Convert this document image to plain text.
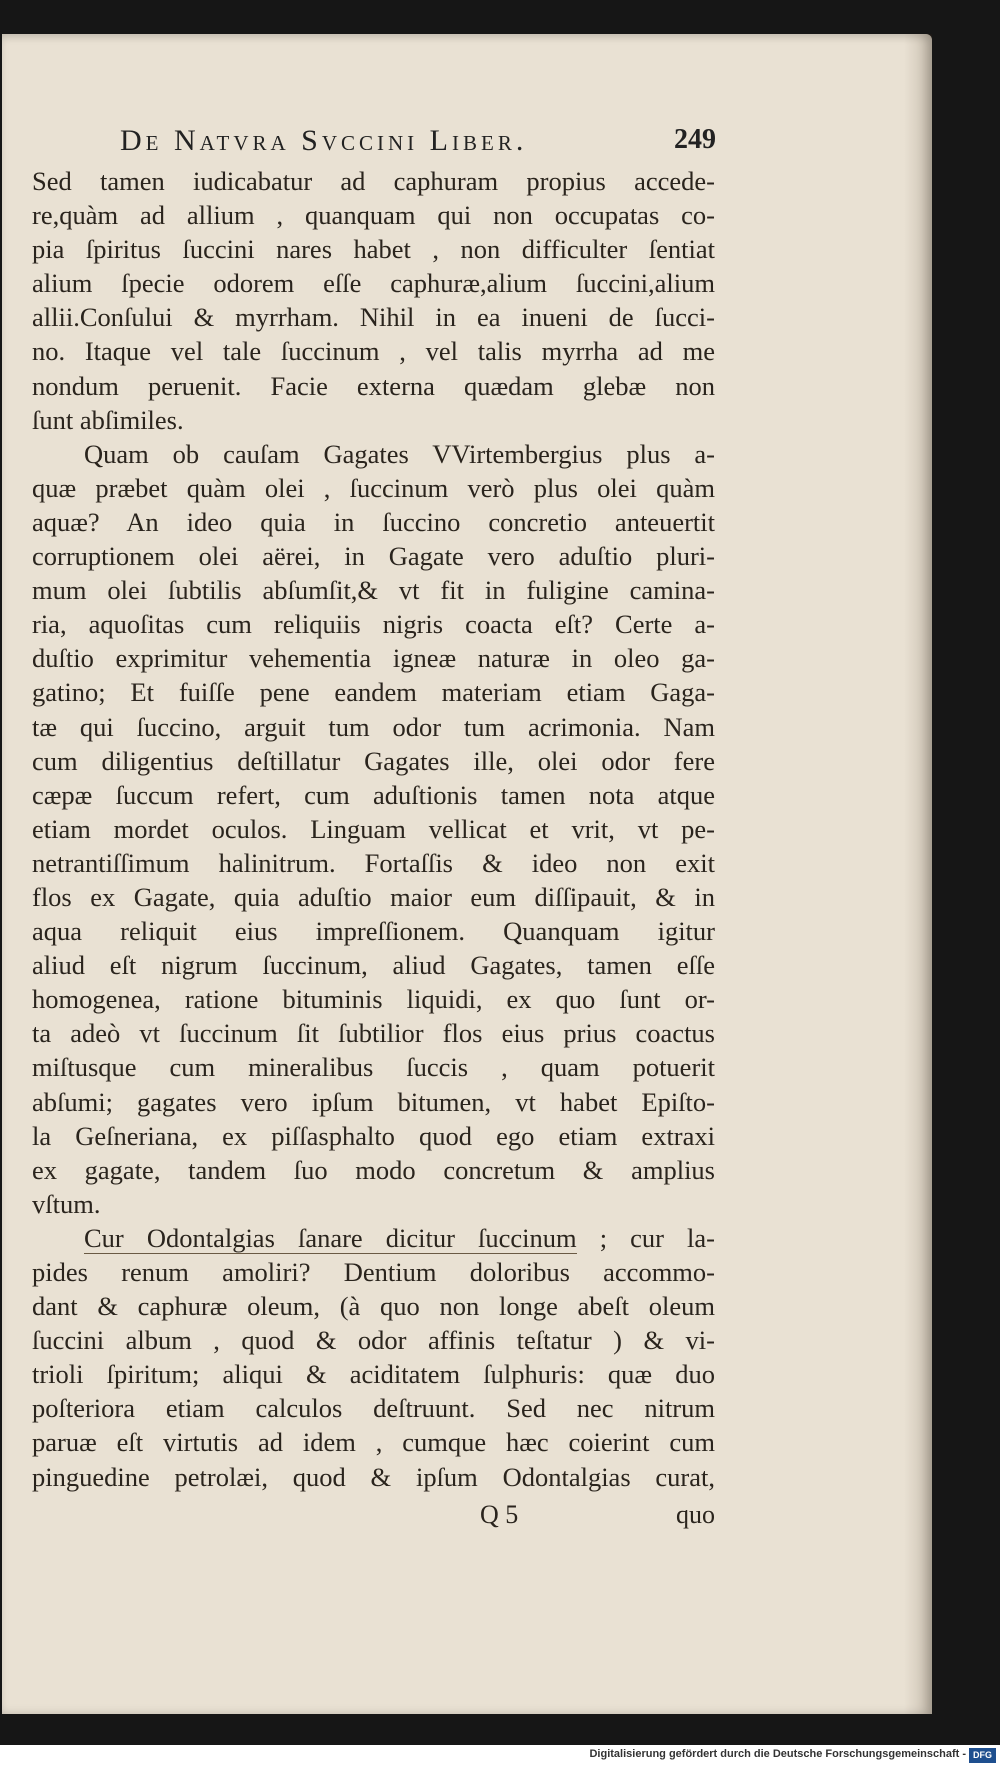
De Natvra Svccini Liber.	249
Sed tamen iudicabatur ad caphuram propius accede-
re,quàm ad allium , quanquam qui non occupatas co-
pia ſpiritus ſuccini nares habet , non difficulter ſentiat
alium ſpecie odorem eſſe caphuræ,alium ſuccini,alium
allii.Conſului & myrrham. Nihil in ea inueni de ſucci-
no. Itaque vel tale ſuccinum , vel talis myrrha ad me
nondum peruenit. Facie externa quædam glebæ non
ſunt abſimiles.
Quam ob cauſam Gagates VVirtembergius plus a-
quæ præbet quàm olei , ſuccinum verò plus olei quàm
aquæ? An ideo quia in ſuccino concretio anteuertit
corruptionem olei aërei, in Gagate vero aduſtio pluri-
mum olei ſubtilis abſumſit,& vt fit in fuligine camina-
ria, aquoſitas cum reliquiis nigris coacta eſt? Certe a-
duſtio exprimitur vehementia igneæ naturæ in oleo ga-
gatino; Et fuiſſe pene eandem materiam etiam Gaga-
tæ qui ſuccino, arguit tum odor tum acrimonia. Nam
cum diligentius deſtillatur Gagates ille, olei odor fere
cæpæ ſuccum refert, cum aduſtionis tamen nota atque
etiam mordet oculos. Linguam vellicat et vrit, vt pe-
netrantiſſimum halinitrum. Fortaſſis & ideo non exit
flos ex Gagate, quia aduſtio maior eum diſſipauit, & in
aqua reliquit eius impreſſionem. Quanquam igitur
aliud eſt nigrum ſuccinum, aliud Gagates, tamen eſſe
homogenea, ratione bituminis liquidi, ex quo ſunt or-
ta adeò vt ſuccinum ſit ſubtilior flos eius prius coactus
miſtusque cum mineralibus ſuccis , quam potuerit
abſumi; gagates vero ipſum bitumen, vt habet Epiſto-
la Geſneriana, ex piſſasphalto quod ego etiam extraxi
ex gagate, tandem ſuo modo concretum & amplius
vſtum.
Cur Odontalgias ſanare dicitur ſuccinum ; cur la-
pides renum amoliri? Dentium doloribus accommo-
dant & caphuræ oleum, (à quo non longe abeſt oleum
ſuccini album , quod & odor affinis teſtatur ) & vi-
trioli ſpiritum; aliqui & aciditatem ſulphuris: quæ duo
poſteriora etiam calculos deſtruunt. Sed nec nitrum
paruæ eſt virtutis ad idem , cumque hæc coierint cum
pinguedine petrolæi, quod & ipſum Odontalgias curat,
Q 5	quo
Digitalisierung gefördert durch die Deutsche Forschungsgemeinschaft - DFG
